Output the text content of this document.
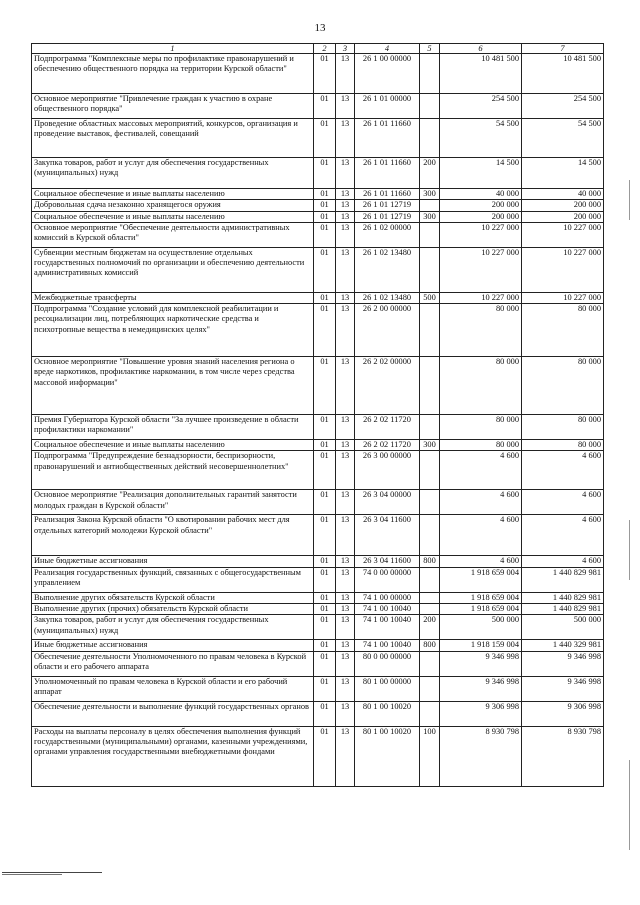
13
1	2	3	4	5	6	7
Подпрограмма "Комплексные меры по профилактике правонарушений и обеспечению общественного порядка на территории Курской области"	01	13	26 1 00 00000		10 481 500	10 481 500
Основное мероприятие "Привлечение граждан к участию в охране общественного порядка"	01	13	26 1 01 00000		254 500	254 500
Проведение областных массовых мероприятий, конкурсов, организация и проведение выставок, фестивалей, совещаний	01	13	26 1 01 11660		54 500	54 500
Закупка товаров, работ и услуг для обеспечения государственных (муниципальных) нужд	01	13	26 1 01 11660	200	14 500	14 500
Социальное обеспечение и иные выплаты населению	01	13	26 1 01 11660	300	40 000	40 000
Добровольная сдача незаконно хранящегося оружия	01	13	26 1 01 12719		200 000	200 000
Социальное обеспечение и иные выплаты населению	01	13	26 1 01 12719	300	200 000	200 000
Основное мероприятие "Обеспечение деятельности административных комиссий в Курской области"	01	13	26 1 02 00000		10 227 000	10 227 000
Субвенции местным бюджетам на осуществление отдельных государственных полномочий по организации и обеспечению деятельности административных комиссий	01	13	26 1 02 13480		10 227 000	10 227 000
Межбюджетные трансферты	01	13	26 1 02 13480	500	10 227 000	10 227 000
Подпрограмма "Создание условий для комплексной реабилитации и ресоциализации лиц, потребляющих наркотические средства и психотропные вещества в немедицинских целях"	01	13	26 2 00 00000		80 000	80 000
Основное мероприятие "Повышение уровня знаний населения региона о вреде наркотиков, профилактике наркомании, в том числе через средства массовой информации"	01	13	26 2 02 00000		80 000	80 000
Премия Губернатора Курской области "За лучшее произведение в области профилактики наркомании"	01	13	26 2 02 11720		80 000	80 000
Социальное обеспечение и иные выплаты населению	01	13	26 2 02 11720	300	80 000	80 000
Подпрограмма "Предупреждение безнадзорности, беспризорности, правонарушений и антиобщественных действий несовершеннолетних"	01	13	26 3 00 00000		4 600	4 600
Основное мероприятие "Реализация дополнительных гарантий занятости молодых граждан в Курской области"	01	13	26 3 04 00000		4 600	4 600
Реализация Закона Курской области "О квотировании рабочих мест для отдельных категорий молодежи Курской области"	01	13	26 3 04 11600		4 600	4 600
Иные бюджетные ассигнования	01	13	26 3 04 11600	800	4 600	4 600
Реализация государственных функций, связанных с общегосударственным управлением	01	13	74 0 00 00000		1 918 659 004	1 440 829 981
Выполнение других обязательств Курской области	01	13	74 1 00 00000		1 918 659 004	1 440 829 981
Выполнение других (прочих) обязательств Курской области	01	13	74 1 00 10040		1 918 659 004	1 440 829 981
Закупка товаров, работ и услуг для обеспечения государственных (муниципальных) нужд	01	13	74 1 00 10040	200	500 000	500 000
Иные бюджетные ассигнования	01	13	74 1 00 10040	800	1 918 159 004	1 440 329 981
Обеспечение деятельности Уполномоченного по правам человека в Курской области и его рабочего аппарата	01	13	80 0 00 00000		9 346 998	9 346 998
Уполномоченный по правам человека в Курской области и его рабочий аппарат	01	13	80 1 00 00000		9 346 998	9 346 998
Обеспечение деятельности и выполнение функций государственных органов	01	13	80 1 00 10020		9 306 998	9 306 998
Расходы на выплаты персоналу в целях обеспечения выполнения функций государственными (муниципальными) органами, казенными учреждениями, органами управления государственными внебюджетными фондами	01	13	80 1 00 10020	100	8 930 798	8 930 798
